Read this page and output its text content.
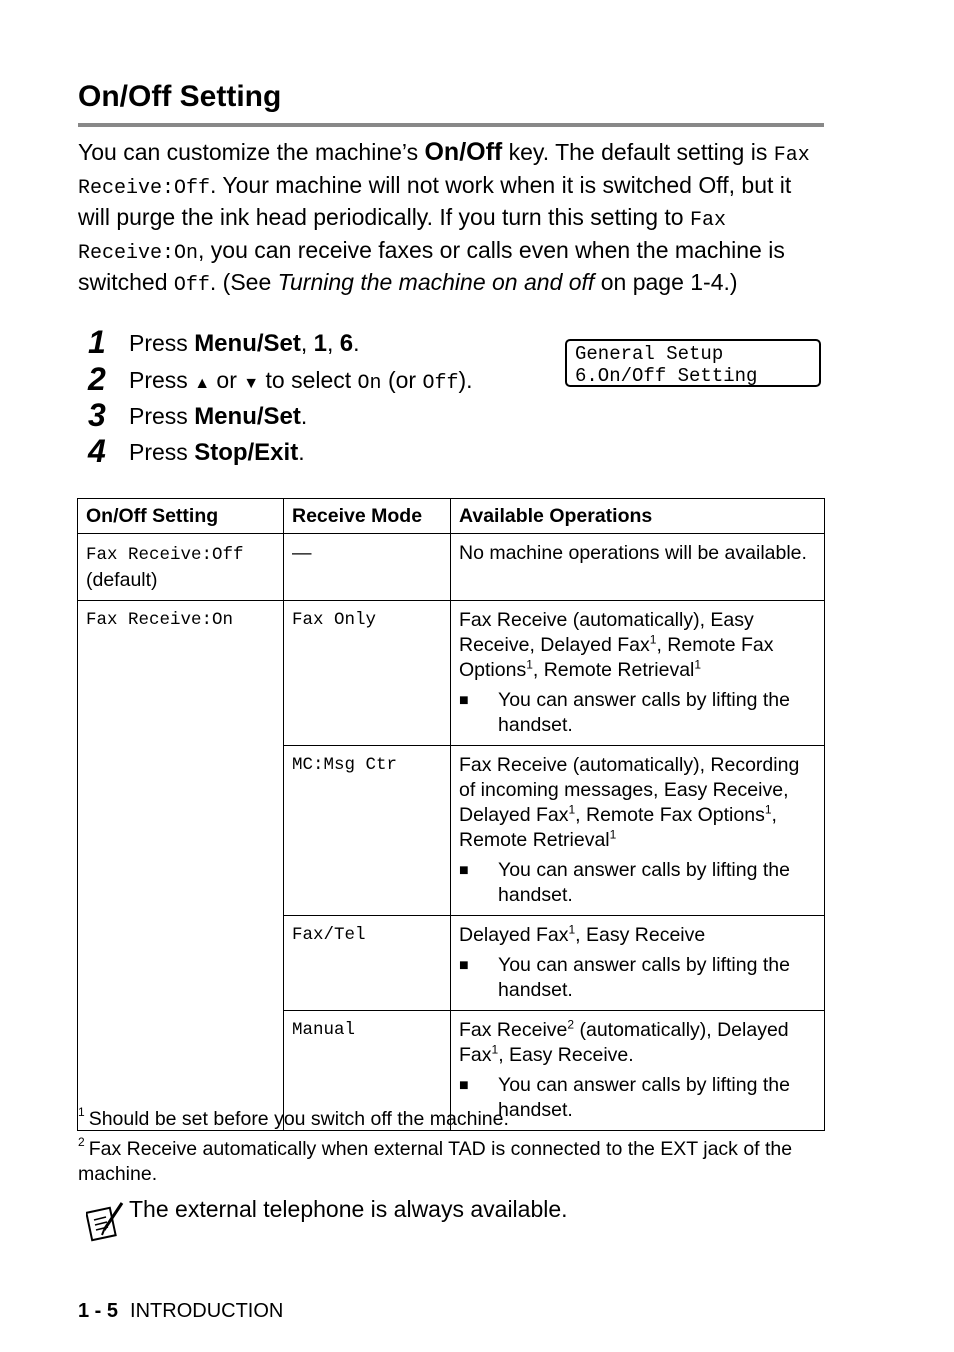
On/Off Setting

You can customize the machine’s On/Off key. The default setting is Fax Receive:Off. Your machine will not work when it is switched Off, but it will purge the ink head periodically. If you turn this setting to Fax Receive:On, you can receive faxes or calls even when the machine is switched Off. (See Turning the machine on and off on page 1-4.)

1 Press Menu/Set, 1, 6.
2 Press ▲ or ▼ to select On (or Off).
3 Press Menu/Set.
4 Press Stop/Exit.
General Setup
6.On/Off Setting
On/Off Setting	Receive Mode	Available Operations
Fax Receive:Off
(default)	—	No machine operations will be available.
Fax Receive:On	Fax Only	Fax Receive (automatically), Easy Receive, Delayed Fax$^1$, Remote Fax Options$^1$, Remote Retrieval$^1$
■ You can answer calls by lifting the handset.

	MC:Msg Ctr	Fax Receive (automatically), Recording of incoming messages, Easy Receive, Delayed Fax$^1$, Remote Fax Options$^1$, Remote Retrieval$^1$
■ You can answer calls by lifting the handset.

	Fax/Tel	Delayed Fax$^1$, Easy Receive
■ You can answer calls by lifting the handset.

	Manual	Fax Receive$^2$ (automatically), Delayed Fax$^1$, Easy Receive.
■ You can answer calls by lifting the handset.
$^1$ Should be set before you switch off the machine.
$^2$ Fax Receive automatically when external TAD is connected to the EXT jack of the machine.
The external telephone is always available.
1 - 5 INTRODUCTION
